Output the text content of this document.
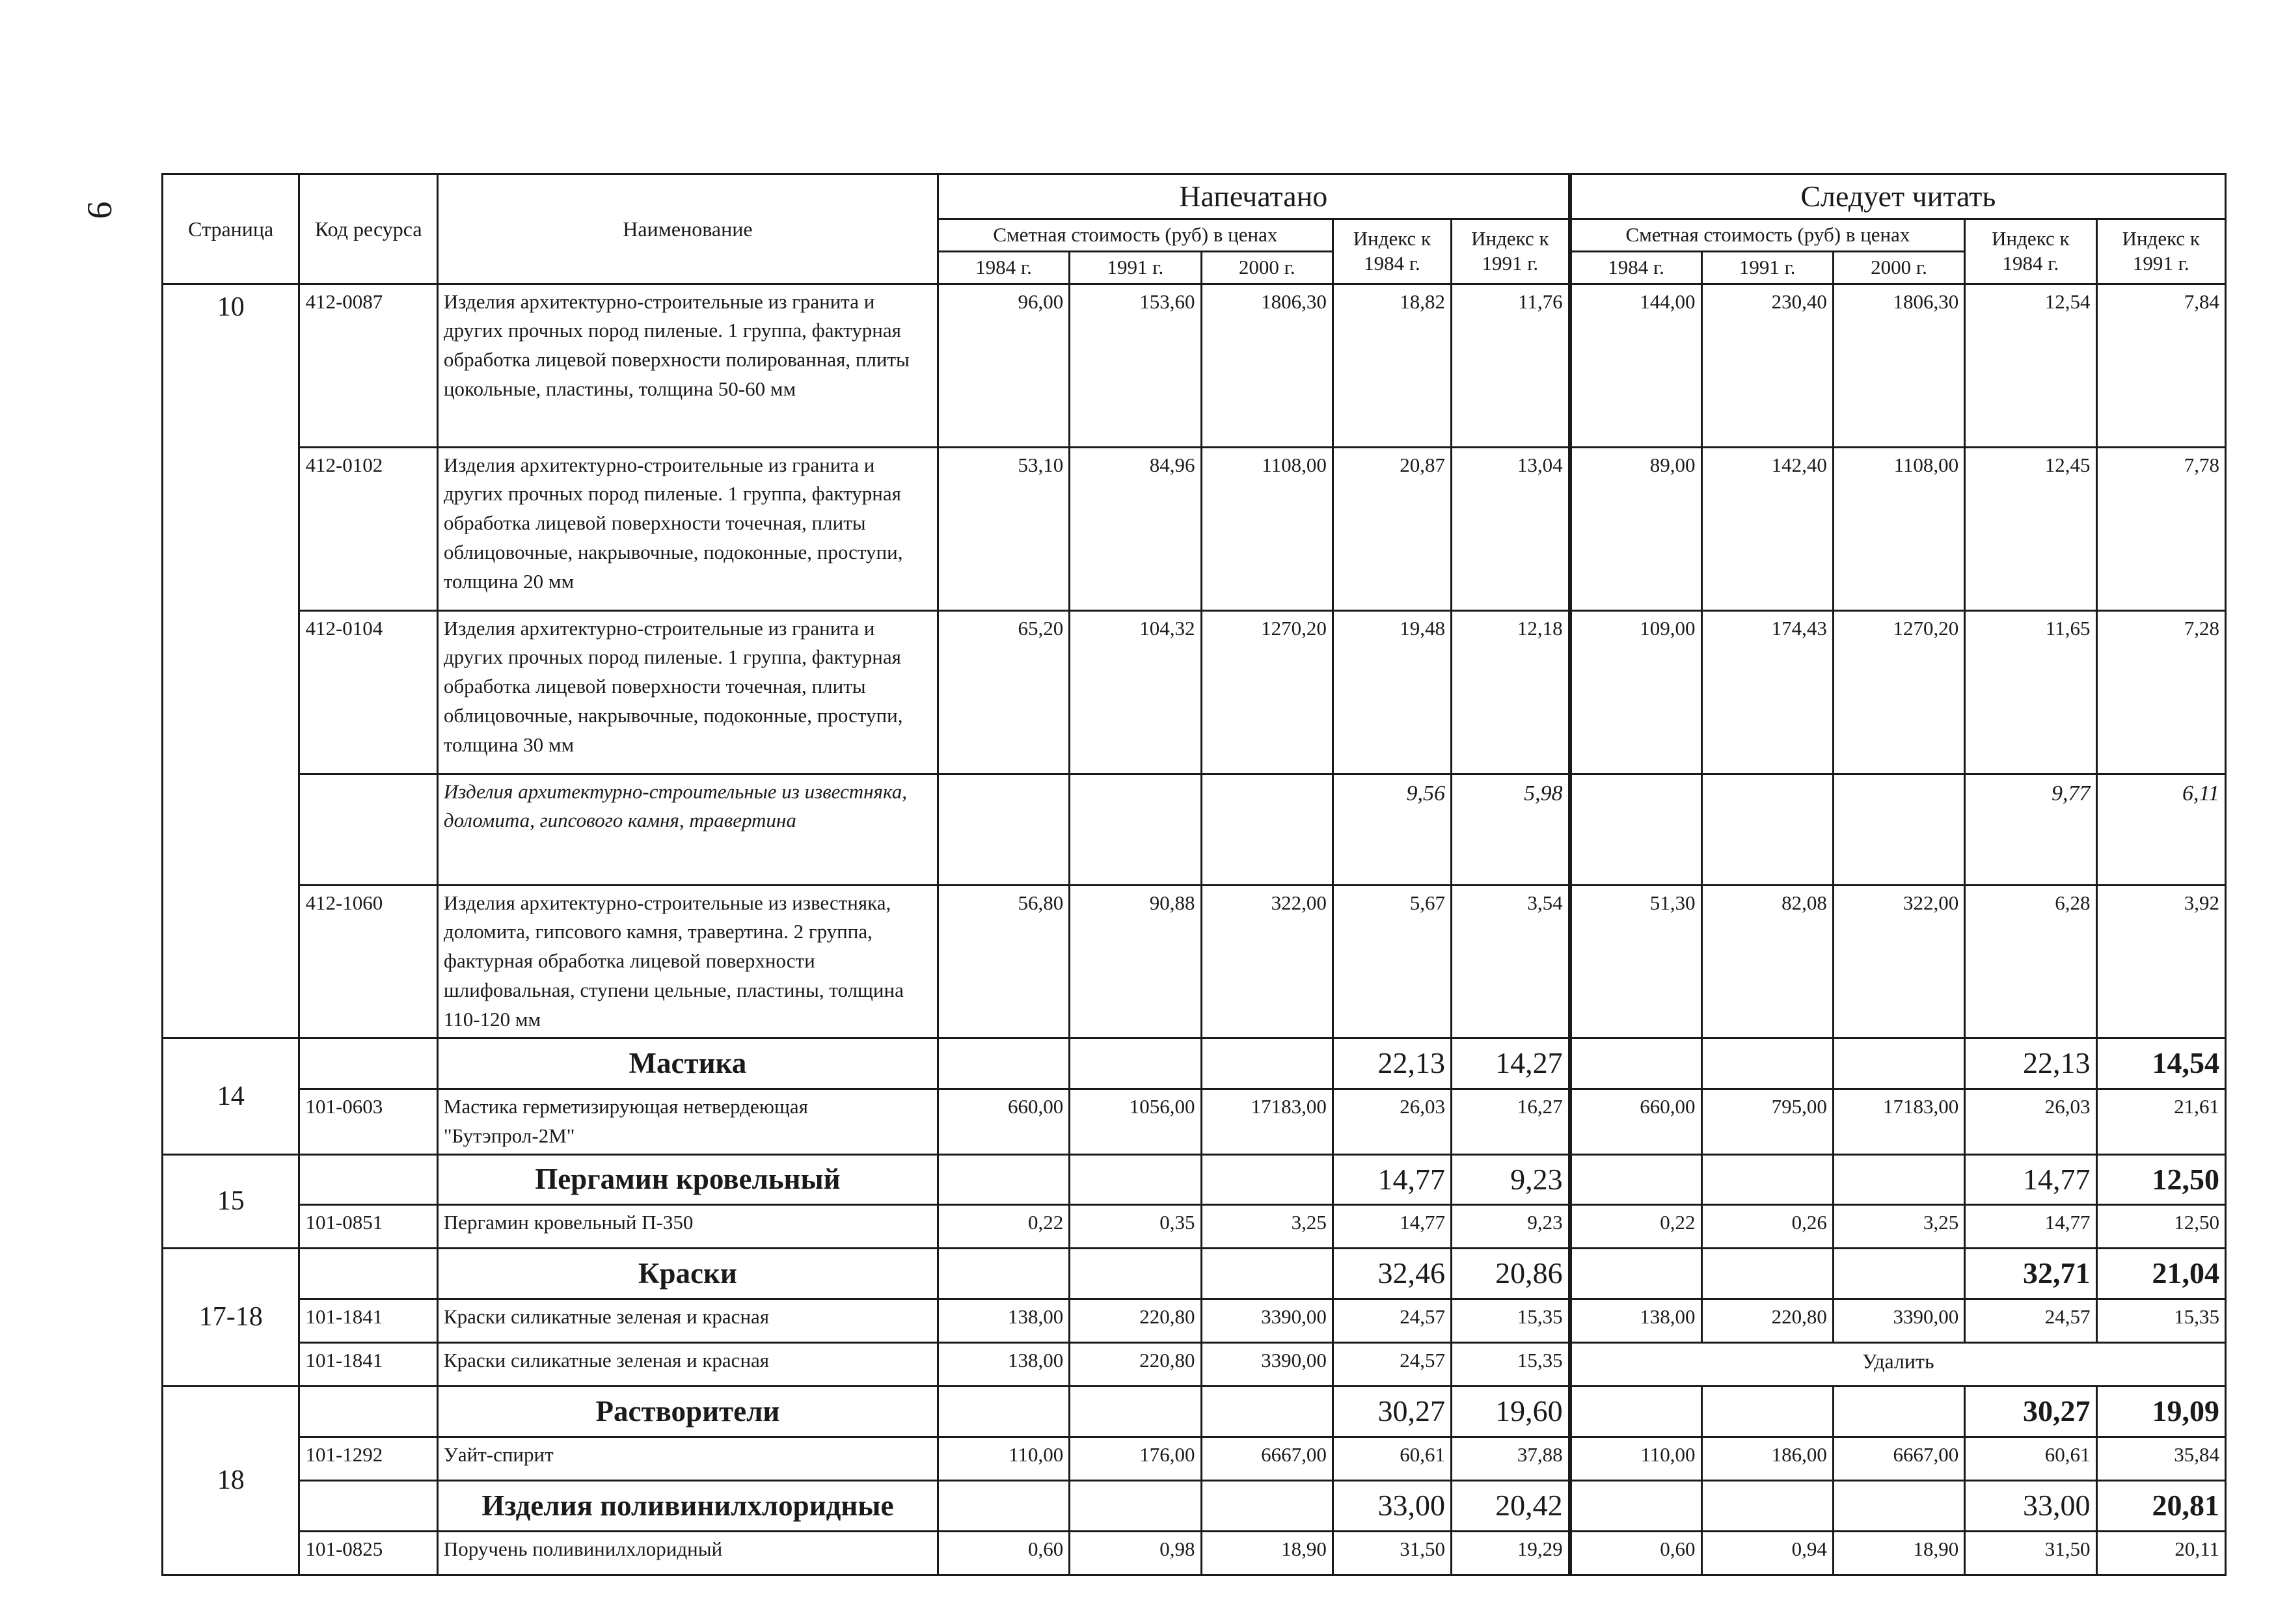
9
Страница	Код ресурса	Наименование	Напечатано					Следует читать				
			Сметная стоимость (руб) в ценах			Индекс к 1984 г.	Индекс к 1991 г.	Сметная стоимость (руб) в ценах			Индекс к 1984 г.	Индекс к 1991 г.
			1984 г.	1991 г.	2000 г.			1984 г.	1991 г.	2000 г.		
10	412-0087	Изделия архитектурно-строительные из гранита и других прочных пород пиленые. 1 группа, фактурная обработка лицевой поверхности полированная, плиты цокольные, пластины, толщина 50-60 мм	96,00	153,60	1806,30	18,82	11,76	144,00	230,40	1806,30	12,54	7,84
	412-0102	Изделия архитектурно-строительные из гранита и других прочных пород пиленые. 1 группа, фактурная обработка лицевой поверхности точечная, плиты облицовочные, накрывочные, подоконные, проступи, толщина 20 мм	53,10	84,96	1108,00	20,87	13,04	89,00	142,40	1108,00	12,45	7,78
	412-0104	Изделия архитектурно-строительные из гранита и других прочных пород пиленые. 1 группа, фактурная обработка лицевой поверхности точечная, плиты облицовочные, накрывочные, подоконные, проступи, толщина 30 мм	65,20	104,32	1270,20	19,48	12,18	109,00	174,43	1270,20	11,65	7,28
		Изделия архитектурно-строительные из известняка, доломита, гипсового камня, травертина				9,56	5,98				9,77	6,11
	412-1060	Изделия архитектурно-строительные из известняка, доломита, гипсового камня, травертина. 2 группа, фактурная обработка лицевой поверхности шлифовальная, ступени цельные, пластины, толщина 110-120 мм	56,80	90,88	322,00	5,67	3,54	51,30	82,08	322,00	6,28	3,92
14		Мастика				22,13	14,27				22,13	14,54
	101-0603	Мастика герметизирующая нетвердеющая "Бутэпрол-2М"	660,00	1056,00	17183,00	26,03	16,27	660,00	795,00	17183,00	26,03	21,61
15		Пергамин кровельный				14,77	9,23				14,77	12,50
	101-0851	Пергамин кровельный П-350	0,22	0,35	3,25	14,77	9,23	0,22	0,26	3,25	14,77	12,50
17-18		Краски				32,46	20,86				32,71	21,04
	101-1841	Краски силикатные зеленая и красная	138,00	220,80	3390,00	24,57	15,35	138,00	220,80	3390,00	24,57	15,35
	101-1841	Краски силикатные зеленая и красная	138,00	220,80	3390,00	24,57	15,35	Удалить				
18		Растворители				30,27	19,60				30,27	19,09
	101-1292	Уайт-спирит	110,00	176,00	6667,00	60,61	37,88	110,00	186,00	6667,00	60,61	35,84
		Изделия поливинилхлоридные				33,00	20,42				33,00	20,81
	101-0825	Поручень поливинилхлоридный	0,60	0,98	18,90	31,50	19,29	0,60	0,94	18,90	31,50	20,11
